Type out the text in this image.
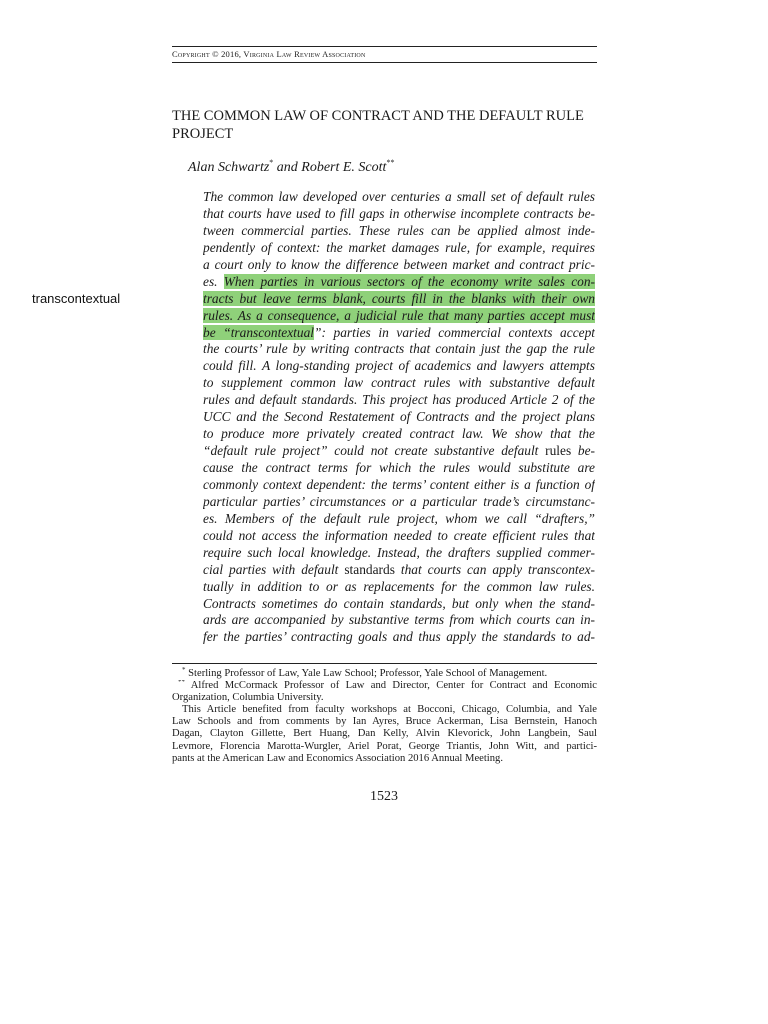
Copyright © 2016, Virginia Law Review Association
THE COMMON LAW OF CONTRACT AND THE DEFAULT RULE PROJECT
Alan Schwartz* and Robert E. Scott**
transcontextual
The common law developed over centuries a small set of default rules
that courts have used to fill gaps in otherwise incomplete contracts be-
tween commercial parties. These rules can be applied almost inde-
pendently of context: the market damages rule, for example, requires
a court only to know the difference between market and contract pric-
es. When parties in various sectors of the economy write sales con-
tracts but leave terms blank, courts fill in the blanks with their own
rules. As a consequence, a judicial rule that many parties accept must
be “transcontextual”: parties in varied commercial contexts accept
the courts’ rule by writing contracts that contain just the gap the rule
could fill. A long-standing project of academics and lawyers attempts
to supplement common law contract rules with substantive default
rules and default standards. This project has produced Article 2 of the
UCC and the Second Restatement of Contracts and the project plans
to produce more privately created contract law. We show that the
“default rule project” could not create substantive default rules be-
cause the contract terms for which the rules would substitute are
commonly context dependent: the terms’ content either is a function of
particular parties’ circumstances or a particular trade’s circumstanc-
es. Members of the default rule project, whom we call “drafters,”
could not access the information needed to create efficient rules that
require such local knowledge. Instead, the drafters supplied commer-
cial parties with default standards that courts can apply transcontex-
tually in addition to or as replacements for the common law rules.
Contracts sometimes do contain standards, but only when the stand-
ards are accompanied by substantive terms from which courts can in-
fer the parties’ contracting goals and thus apply the standards to ad-
* Sterling Professor of Law, Yale Law School; Professor, Yale School of Management.
** Alfred McCormack Professor of Law and Director, Center for Contract and Economic
Organization, Columbia University.
This Article benefited from faculty workshops at Bocconi, Chicago, Columbia, and Yale
Law Schools and from comments by Ian Ayres, Bruce Ackerman, Lisa Bernstein, Hanoch
Dagan, Clayton Gillette, Bert Huang, Dan Kelly, Alvin Klevorick, John Langbein, Saul
Levmore, Florencia Marotta-Wurgler, Ariel Porat, George Triantis, John Witt, and partici-
pants at the American Law and Economics Association 2016 Annual Meeting.
1523
